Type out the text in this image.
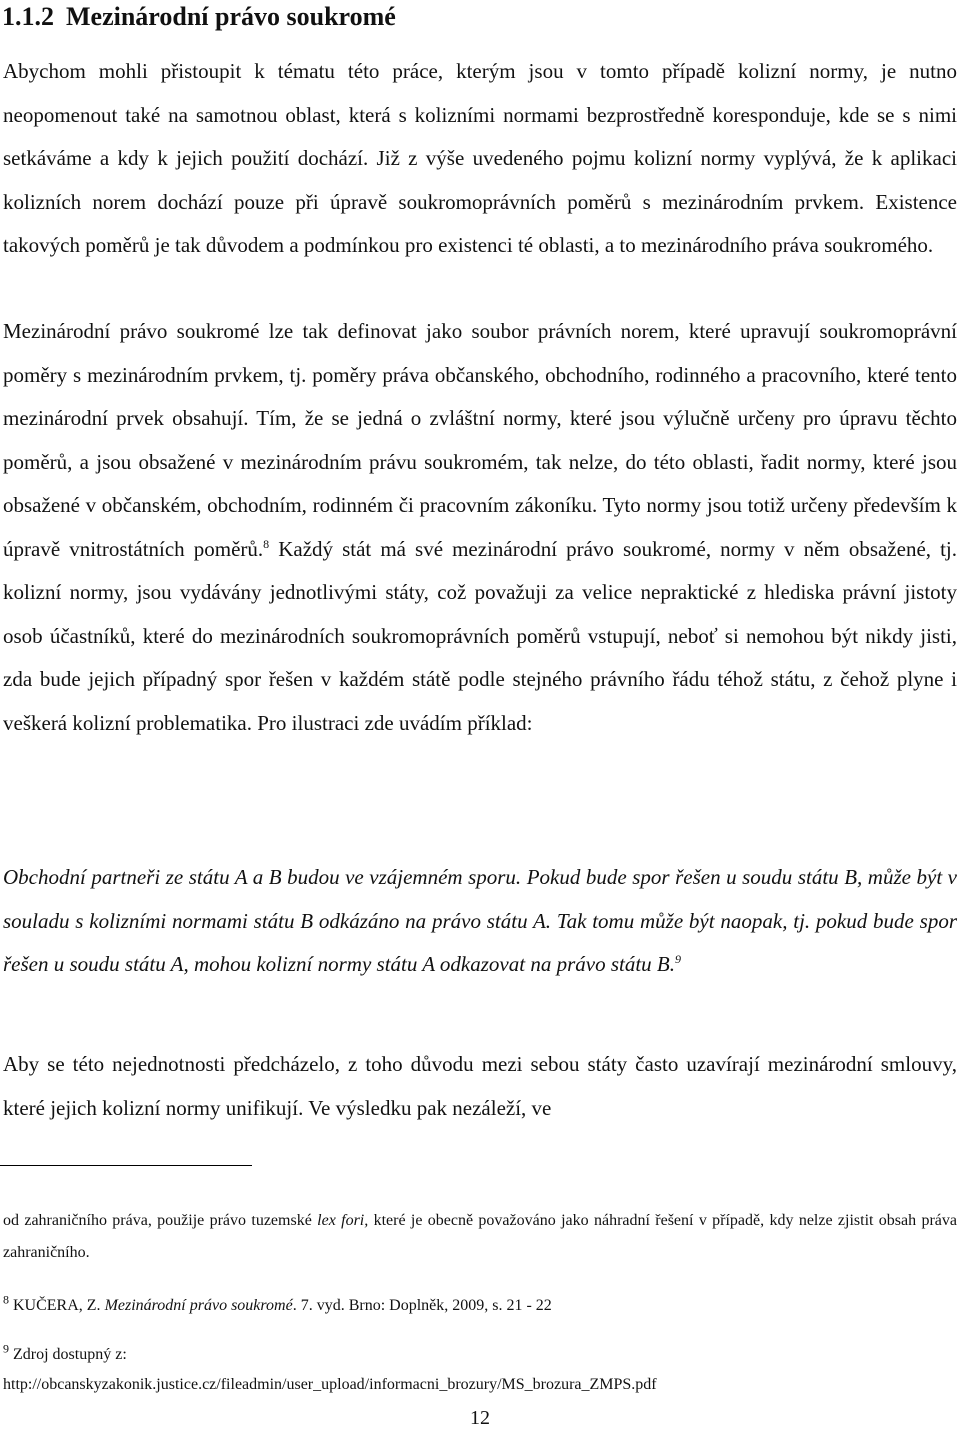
1.1.2 Mezinárodní právo soukromé

Abychom mohli přistoupit k tématu této práce, kterým jsou v tomto případě kolizní normy, je nutno neopomenout také na samotnou oblast, která s kolizními normami bezprostředně koresponduje, kde se s nimi setkáváme a kdy k jejich použití dochází. Již z výše uvedeného pojmu kolizní normy vyplývá, že k aplikaci kolizních norem dochází pouze při úpravě soukromoprávních poměrů s mezinárodním prvkem. Existence takových poměrů je tak důvodem a podmínkou pro existenci té oblasti, a to mezinárodního práva soukromého.

Mezinárodní právo soukromé lze tak definovat jako soubor právních norem, které upravují soukromoprávní poměry s mezinárodním prvkem, tj. poměry práva občanského, obchodního, rodinného a pracovního, které tento mezinárodní prvek obsahují. Tím, že se jedná o zvláštní normy, které jsou výlučně určeny pro úpravu těchto poměrů, a jsou obsažené v mezinárodním právu soukromém, tak nelze, do této oblasti, řadit normy, které jsou obsažené v občanském, obchodním, rodinném či pracovním zákoníku. Tyto normy jsou totiž určeny především k úpravě vnitrostátních poměrů.$^8$ Každý stát má své mezinárodní právo soukromé, normy v něm obsažené, tj. kolizní normy, jsou vydávány jednotlivými státy, což považuji za velice nepraktické z hlediska právní jistoty osob účastníků, které do mezinárodních soukromoprávních poměrů vstupují, neboť si nemohou být nikdy jisti, zda bude jejich případný spor řešen v každém státě podle stejného právního řádu téhož státu, z čehož plyne i veškerá kolizní problematika. Pro ilustraci zde uvádím příklad:

Obchodní partneři ze státu A a B budou ve vzájemném sporu. Pokud bude spor řešen u soudu státu B, může být v souladu s kolizními normami státu B odkázáno na právo státu A. Tak tomu může být naopak, tj. pokud bude spor řešen u soudu státu A, mohou kolizní normy státu A odkazovat na právo státu B.$^9$

Aby se této nejednotnosti předcházelo, z toho důvodu mezi sebou státy často uzavírají mezinárodní smlouvy, které jejich kolizní normy unifikují. Ve výsledku pak nezáleží, ve

od zahraničního práva, použije právo tuzemské lex fori, které je obecně považováno jako náhradní řešení v případě, kdy nelze zjistit obsah práva zahraničního.

$^8$ KUČERA, Z. Mezinárodní právo soukromé. 7. vyd. Brno: Doplněk, 2009, s. 21 - 22

$^9$ Zdroj dostupný z:

http://obcanskyzakonik.justice.cz/fileadmin/user_upload/informacni_brozury/MS_brozura_ZMPS.pdf

12
